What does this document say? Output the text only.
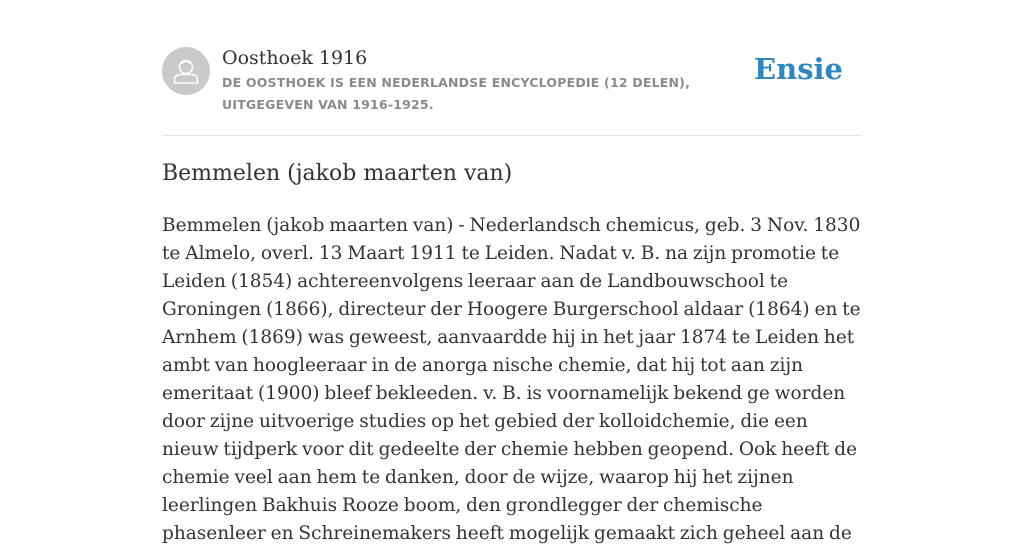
Oosthoek 1916
DE OOSTHOEK IS EEN NEDERLANDSE ENCYCLOPEDIE (12 DELEN), UITGEGEVEN VAN 1916-1925.
Ensie
Bemmelen (jakob maarten van)

Bemmelen (jakob maarten van) - Nederlandsch chemicus, geb. 3 Nov. 1830 te Almelo, overl. 13 Maart 1911 te Leiden. Nadat v. B. na zijn promotie te Leiden (1854) achtereenvolgens leeraar aan de Landbouwschool te Groningen (1866), directeur der Hoogere Burgerschool aldaar (1864) en te Arnhem (1869) was geweest, aanvaardde hij in het jaar 1874 te Leiden het ambt van hoogleeraar in de anorga nische chemie, dat hij tot aan zijn emeritaat (1900) bleef bekleeden. v. B. is voornamelijk bekend ge worden door zijne uitvoerige studies op het gebied der kolloidchemie, die een nieuw tijdperk voor dit gedeelte der chemie hebben geopend. Ook heeft de chemie veel aan hem te danken, door de wijze, waarop hij het zijnen leerlingen Bakhuis Rooze boom, den grondlegger der chemische phasenleer en Schreinemakers heeft mogelijk gemaakt zich geheel aan de
